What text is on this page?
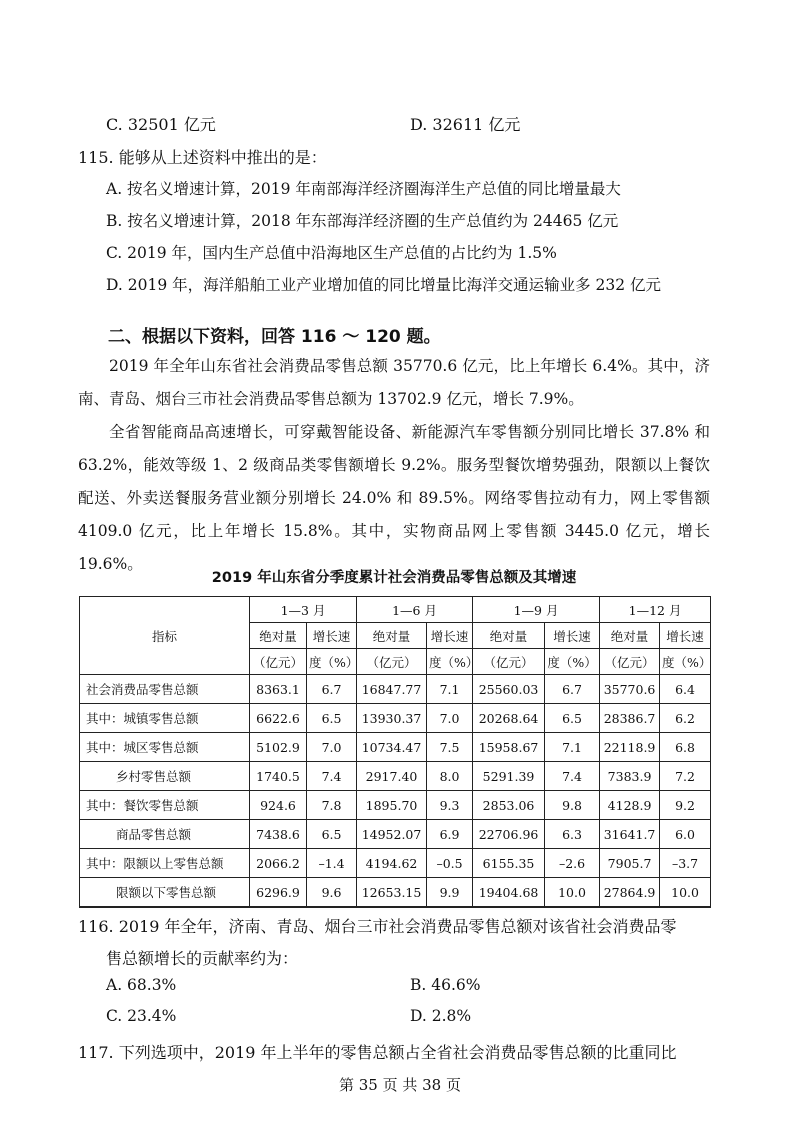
C. 32501 亿元	D. 32611 亿元
115. 能够从上述资料中推出的是：
A. 按名义增速计算，2019 年南部海洋经济圈海洋生产总值的同比增量最大
B. 按名义增速计算，2018 年东部海洋经济圈的生产总值约为 24465 亿元
C. 2019 年，国内生产总值中沿海地区生产总值的占比约为 1.5%
D. 2019 年，海洋船舶工业产业增加值的同比增量比海洋交通运输业多 232 亿元
二、根据以下资料，回答 116 ～ 120 题。

2019 年全年山东省社会消费品零售总额 35770.6 亿元，比上年增长 6.4%。其中，济南、青岛、烟台三市社会消费品零售总额为 13702.9 亿元，增长 7.9%。

全省智能商品高速增长，可穿戴智能设备、新能源汽车零售额分别同比增长 37.8% 和 63.2%，能效等级 1、2 级商品类零售额增长 9.2%。服务型餐饮增势强劲，限额以上餐饮配送、外卖送餐服务营业额分别增长 24.0% 和 89.5%。网络零售拉动有力，网上零售额 4109.0 亿元，比上年增长 15.8%。其中，实物商品网上零售额 3445.0 亿元，增长 19.6%。

2019 年山东省分季度累计社会消费品零售总额及其增速
指标	1—3 月		1—6 月		1—9 月		1—12 月	
	绝对量	增长速	绝对量	增长速	绝对量	增长速	绝对量	增长速
	（亿元）	度（%）	（亿元）	度（%）	（亿元）	度（%）	（亿元）	度（%）
社会消费品零售总额	8363.1	6.7	16847.77	7.1	25560.03	6.7	35770.6	6.4
其中：城镇零售总额	6622.6	6.5	13930.37	7.0	20268.64	6.5	28386.7	6.2
其中：城区零售总额	5102.9	7.0	10734.47	7.5	15958.67	7.1	22118.9	6.8
乡村零售总额	1740.5	7.4	2917.40	8.0	5291.39	7.4	7383.9	7.2
其中：餐饮零售总额	924.6	7.8	1895.70	9.3	2853.06	9.8	4128.9	9.2
商品零售总额	7438.6	6.5	14952.07	6.9	22706.96	6.3	31641.7	6.0
其中：限额以上零售总额	2066.2	–1.4	4194.62	–0.5	6155.35	–2.6	7905.7	–3.7
限额以下零售总额	6296.9	9.6	12653.15	9.9	19404.68	10.0	27864.9	10.0
116. 2019 年全年，济南、青岛、烟台三市社会消费品零售总额对该省社会消费品零
售总额增长的贡献率约为：
A. 68.3%	B. 46.6%
C. 23.4%	D. 2.8%
117. 下列选项中，2019 年上半年的零售总额占全省社会消费品零售总额的比重同比
第 35 页 共 38 页
